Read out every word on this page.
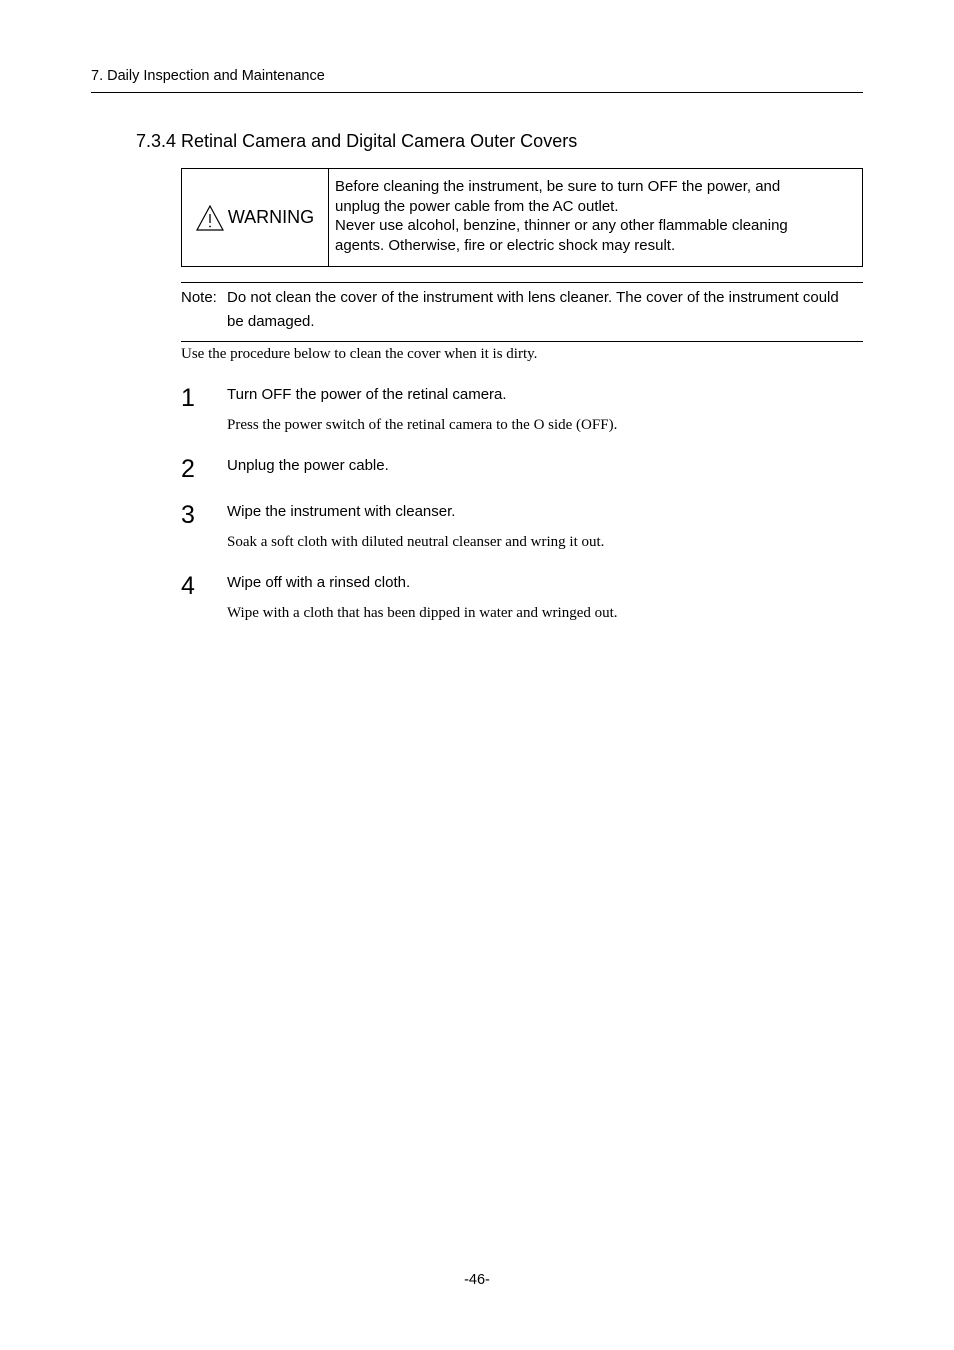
7. Daily Inspection and Maintenance
7.3.4 Retinal Camera and Digital Camera Outer Covers
WARNING
Before cleaning the instrument, be sure to turn OFF the power, and
unplug the power cable from the AC outlet.
Never use alcohol, benzine, thinner or any other flammable cleaning
agents. Otherwise, fire or electric shock may result.
Note: Do not clean the cover of the instrument with lens cleaner. The cover of the instrument could be damaged.
Use the procedure below to clean the cover when it is dirty.
1 Turn OFF the power of the retinal camera.
Press the power switch of the retinal camera to the O side (OFF).
2 Unplug the power cable.
3 Wipe the instrument with cleanser.
Soak a soft cloth with diluted neutral cleanser and wring it out.
4 Wipe off with a rinsed cloth.
Wipe with a cloth that has been dipped in water and wringed out.
-46-
